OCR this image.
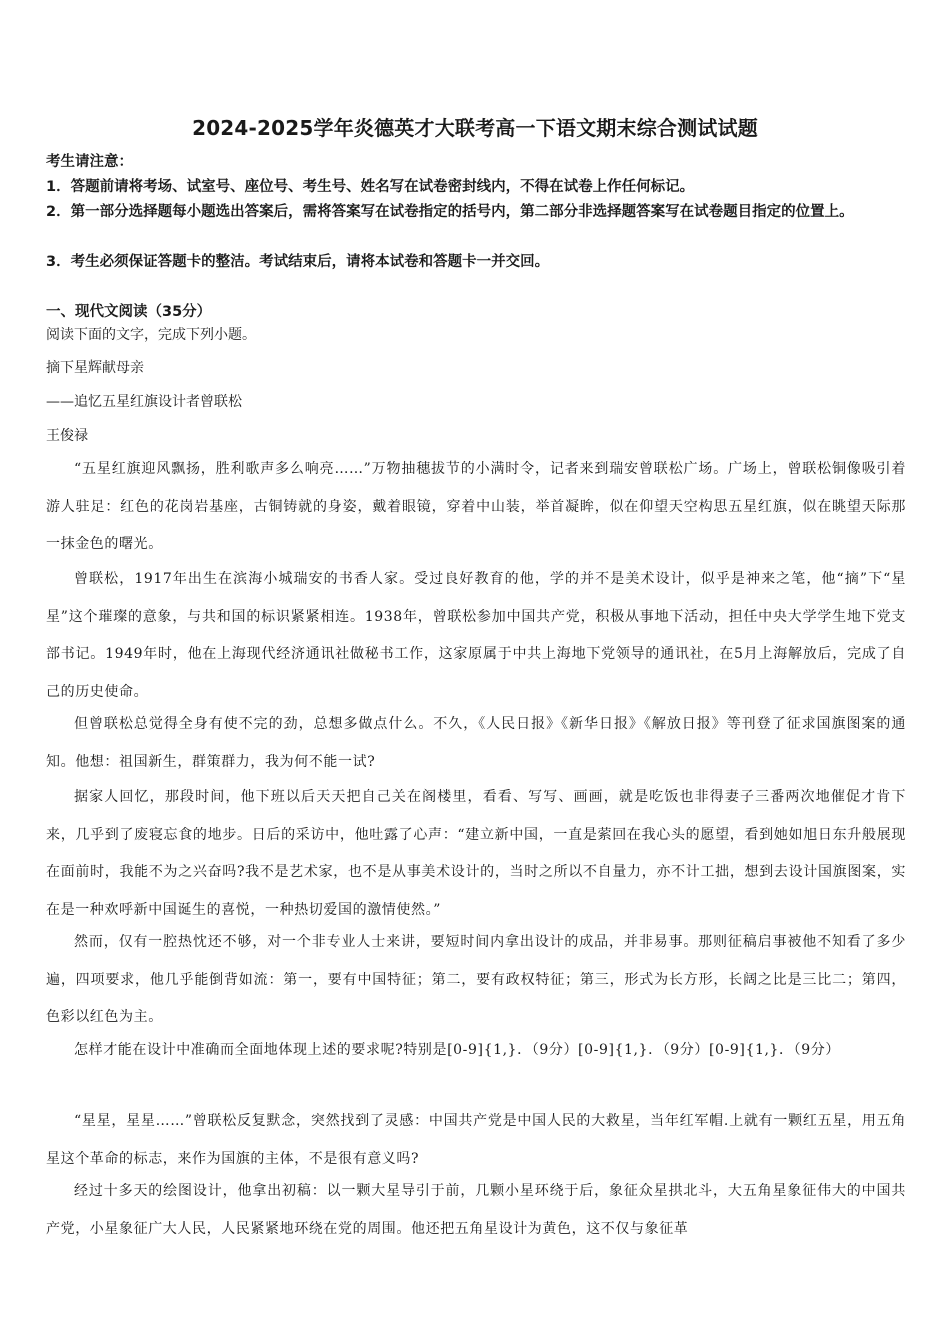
2024-2025学年炎德英才大联考高一下语文期末综合测试试题
考生请注意：
1．答题前请将考场、试室号、座位号、考生号、姓名写在试卷密封线内，不得在试卷上作任何标记。
2．第一部分选择题每小题选出答案后，需将答案写在试卷指定的括号内，第二部分非选择题答案写在试卷题目指定的位置上。
3．考生必须保证答题卡的整洁。考试结束后，请将本试卷和答题卡一并交回。
一、现代文阅读（35分）
阅读下面的文字，完成下列小题。
摘下星辉献母亲
——追忆五星红旗设计者曾联松
王俊禄
“五星红旗迎风飘扬，胜利歌声多么响亮……”万物抽穗拔节的小满时令，记者来到瑞安曾联松广场。广场上，曾联松铜像吸引着游人驻足：红色的花岗岩基座，古铜铸就的身姿，戴着眼镜，穿着中山装，举首凝眸，似在仰望天空构思五星红旗，似在眺望天际那一抹金色的曙光。
曾联松，1917年出生在滨海小城瑞安的书香人家。受过良好教育的他，学的并不是美术设计，似乎是神来之笔，他“摘”下“星星”这个璀璨的意象，与共和国的标识紧紧相连。1938年，曾联松参加中国共产党，积极从事地下活动，担任中央大学学生地下党支部书记。1949年时，他在上海现代经济通讯社做秘书工作，这家原属于中共上海地下党领导的通讯社，在5月上海解放后，完成了自己的历史使命。
但曾联松总觉得全身有使不完的劲，总想多做点什么。不久，《人民日报》《新华日报》《解放日报》等刊登了征求国旗图案的通知。他想：祖国新生，群策群力，我为何不能一试?
据家人回忆，那段时间，他下班以后天天把自己关在阁楼里，看看、写写、画画，就是吃饭也非得妻子三番两次地催促才肯下来，几乎到了废寝忘食的地步。日后的采访中，他吐露了心声：“建立新中国，一直是萦回在我心头的愿望，看到她如旭日东升般展现在面前时，我能不为之兴奋吗?我不是艺术家，也不是从事美术设计的，当时之所以不自量力，亦不计工拙，想到去设计国旗图案，实在是一种欢呼新中国诞生的喜悦，一种热切爱国的激情使然。”
然而，仅有一腔热忱还不够，对一个非专业人士来讲，要短时间内拿出设计的成品，并非易事。那则征稿启事被他不知看了多少遍，四项要求，他几乎能倒背如流：第一，要有中国特征；第二，要有政权特征；第三，形式为长方形，长阔之比是三比二；第四，色彩以红色为主。
怎样才能在设计中准确而全面地体现上述的要求呢?特别是[0-9]{1,}．（9分）[0-9]{1,}．（9分）[0-9]{1,}．（9分）
“星星，星星……”曾联松反复默念，突然找到了灵感：中国共产党是中国人民的大救星，当年红军帽.上就有一颗红五星，用五角星这个革命的标志，来作为国旗的主体，不是很有意义吗?
经过十多天的绘图设计，他拿出初稿：以一颗大星导引于前，几颗小星环绕于后，象征众星拱北斗，大五角星象征伟大的中国共产党，小星象征广大人民，人民紧紧地环绕在党的周围。他还把五角星设计为黄色，这不仅与象征革
